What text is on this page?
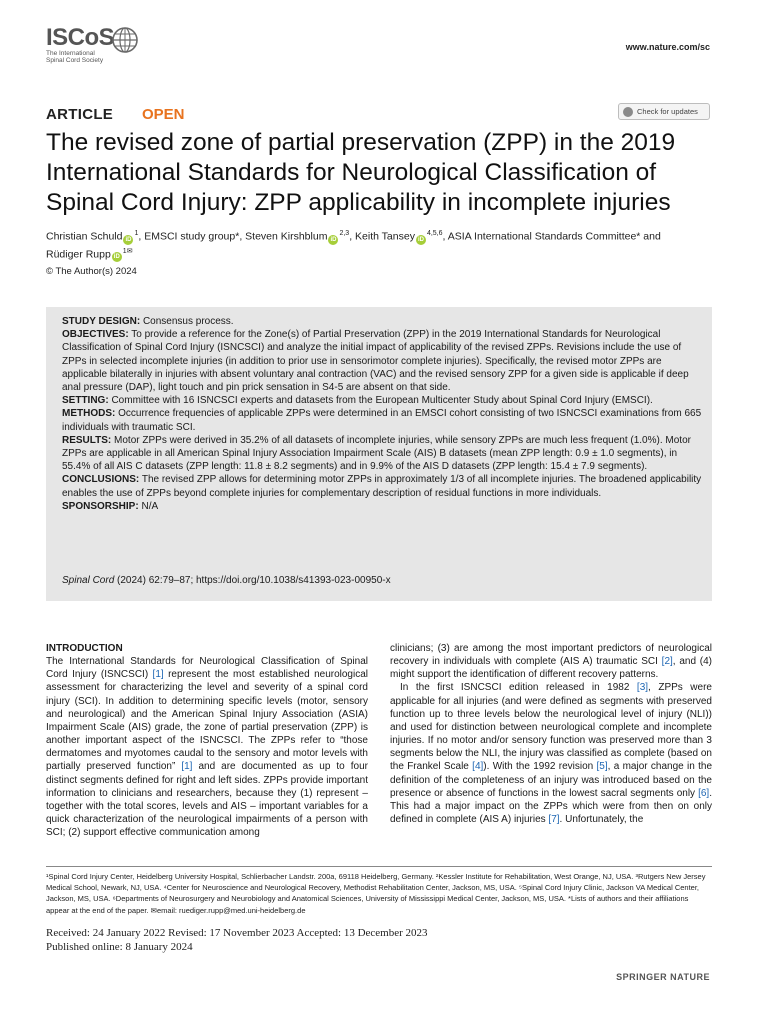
ISCoS
The International
Spinal Cord Society
www.nature.com/sc
ARTICLE OPEN	Check for updates
The revised zone of partial preservation (ZPP) in the 2019 International Standards for Neurological Classification of Spinal Cord Injury: ZPP applicability in incomplete injuries
Christian Schuld $iD^1$, EMSCI study group*, Steven Kirshblum iD$^{2,3}$, Keith Tansey iD$^{4,5,6}$, ASIA International Standards Committee* and
Rüdiger Rupp $iD^{1✉}$
© The Author(s) 2024

STUDY DESIGN: Consensus process.

OBJECTIVES: To provide a reference for the Zone(s) of Partial Preservation (ZPP) in the 2019 International Standards for Neurological Classification of Spinal Cord Injury (ISNCSCI) and analyze the initial impact of applicability of the revised ZPPs. Revisions include the use of ZPPs in selected incomplete injuries (in addition to prior use in sensorimotor complete injuries). Specifically, the revised motor ZPPs are applicable bilaterally in injuries with absent voluntary anal contraction (VAC) and the revised sensory ZPP for a given side is applicable if deep anal pressure (DAP), light touch and pin prick sensation in S4-5 are absent on that side.

SETTING: Committee with 16 ISNCSCI experts and datasets from the European Multicenter Study about Spinal Cord Injury (EMSCI).

METHODS: Occurrence frequencies of applicable ZPPs were determined in an EMSCI cohort consisting of two ISNCSCI examinations from 665 individuals with traumatic SCI.

RESULTS: Motor ZPPs were derived in 35.2% of all datasets of incomplete injuries, while sensory ZPPs are much less frequent (1.0%). Motor ZPPs are applicable in all American Spinal Injury Association Impairment Scale (AIS) B datasets (mean ZPP length: 0.9 ± 1.0 segments), in 55.4% of all AIS C datasets (ZPP length: 11.8 ± 8.2 segments) and in 9.9% of the AIS D datasets (ZPP length: 15.4 ± 7.9 segments).

CONCLUSIONS: The revised ZPP allows for determining motor ZPPs in approximately 1/3 of all incomplete injuries. The broadened applicability enables the use of ZPPs beyond complete injuries for complementary description of residual functions in more individuals.

SPONSORSHIP: N/A

Spinal Cord (2024) 62:79–87; https://doi.org/10.1038/s41393-023-00950-x
INTRODUCTION

The International Standards for Neurological Classification of Spinal Cord Injury (ISNCSCI) [1] represent the most established neurological assessment for characterizing the level and severity of a spinal cord injury (SCI). In addition to determining specific levels (motor, sensory and neurological) and the American Spinal Injury Association (ASIA) Impairment Scale (AIS) grade, the zone of partial preservation (ZPP) is another important aspect of the ISNCSCI. The ZPPs refer to “those dermatomes and myotomes caudal to the sensory and motor levels with partially preserved function” [1] and are documented as up to four distinct segments defined for right and left sides. ZPPs provide important information to clinicians and researchers, because they (1) represent – together with the total scores, levels and AIS – important variables for a quick characterization of the neurological impairments of a person with SCI; (2) support effective communication among

clinicians; (3) are among the most important predictors of neurological recovery in individuals with complete (AIS A) traumatic SCI [2], and (4) might support the identification of different recovery patterns.

In the first ISNCSCI edition released in 1982 [3], ZPPs were applicable for all injuries (and were defined as segments with preserved function up to three levels below the neurological level of injury (NLI)) and used for distinction between neurological complete and incomplete injuries. If no motor and/or sensory function was preserved more than 3 segments below the NLI, the injury was classified as complete (based on the Frankel Scale [4]). With the 1992 revision [5], a major change in the definition of the completeness of an injury was introduced based on the presence or absence of functions in the lowest sacral segments only [6]. This had a major impact on the ZPPs which were from then on only defined in complete (AIS A) injuries [7]. Unfortunately, the

¹Spinal Cord Injury Center, Heidelberg University Hospital, Schlierbacher Landstr. 200a, 69118 Heidelberg, Germany. ²Kessler Institute for Rehabilitation, West Orange, NJ, USA. ³Rutgers New Jersey Medical School, Newark, NJ, USA. ⁴Center for Neuroscience and Neurological Recovery, Methodist Rehabilitation Center, Jackson, MS, USA. ⁵Spinal Cord Injury Clinic, Jackson VA Medical Center, Jackson, MS, USA. ⁶Departments of Neurosurgery and Neurobiology and Anatomical Sciences, University of Mississippi Medical Center, Jackson, MS, USA. *Lists of authors and their affiliations appear at the end of the paper. ✉email: ruediger.rupp@med.uni-heidelberg.de
Received: 24 January 2022 Revised: 17 November 2023 Accepted: 13 December 2023
Published online: 8 January 2024
SPRINGER NATURE
